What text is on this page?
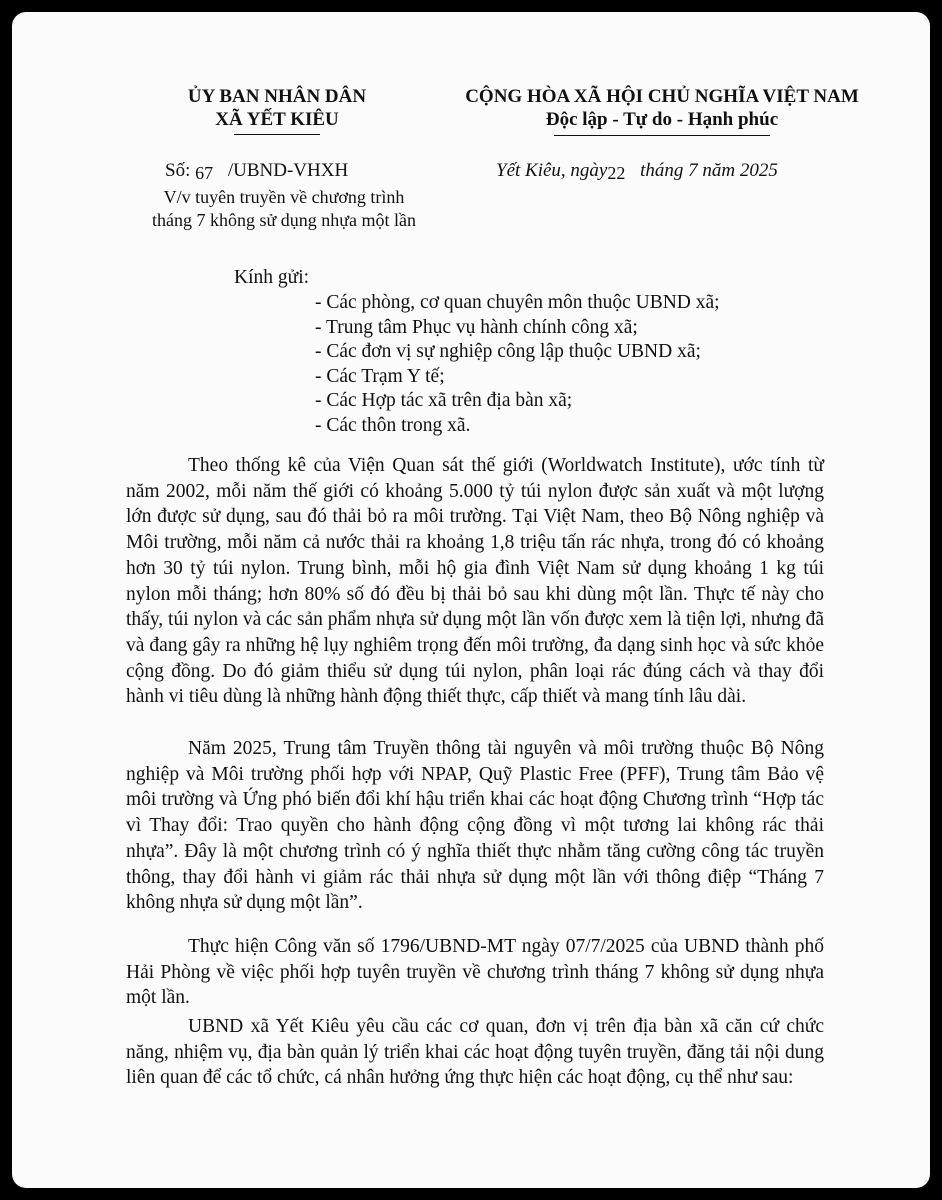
ỦY BAN NHÂN DÂN
XÃ YẾT KIÊU
CỘNG HÒA XÃ HỘI CHỦ NGHĨA VIỆT NAM
Độc lập - Tự do - Hạnh phúc
Số: 67 /UBND-VHXH
V/v tuyên truyền về chương trình
tháng 7 không sử dụng nhựa một lần
Yết Kiêu, ngày22 tháng 7 năm 2025
Kính gửi:
- Các phòng, cơ quan chuyên môn thuộc UBND xã;
- Trung tâm Phục vụ hành chính công xã;
- Các đơn vị sự nghiệp công lập thuộc UBND xã;
- Các Trạm Y tế;
- Các Hợp tác xã trên địa bàn xã;
- Các thôn trong xã.
Theo thống kê của Viện Quan sát thế giới (Worldwatch Institute), ước tính từ năm 2002, mỗi năm thế giới có khoảng 5.000 tỷ túi nylon được sản xuất và một lượng lớn được sử dụng, sau đó thải bỏ ra môi trường. Tại Việt Nam, theo Bộ Nông nghiệp và Môi trường, mỗi năm cả nước thải ra khoảng 1,8 triệu tấn rác nhựa, trong đó có khoảng hơn 30 tỷ túi nylon. Trung bình, mỗi hộ gia đình Việt Nam sử dụng khoảng 1 kg túi nylon mỗi tháng; hơn 80% số đó đều bị thải bỏ sau khi dùng một lần. Thực tế này cho thấy, túi nylon và các sản phẩm nhựa sử dụng một lần vốn được xem là tiện lợi, nhưng đã và đang gây ra những hệ lụy nghiêm trọng đến môi trường, đa dạng sinh học và sức khỏe cộng đồng. Do đó giảm thiểu sử dụng túi nylon, phân loại rác đúng cách và thay đổi hành vi tiêu dùng là những hành động thiết thực, cấp thiết và mang tính lâu dài.
Năm 2025, Trung tâm Truyền thông tài nguyên và môi trường thuộc Bộ Nông nghiệp và Môi trường phối hợp với NPAP, Quỹ Plastic Free (PFF), Trung tâm Bảo vệ môi trường và Ứng phó biến đổi khí hậu triển khai các hoạt động Chương trình “Hợp tác vì Thay đổi: Trao quyền cho hành động cộng đồng vì một tương lai không rác thải nhựa”. Đây là một chương trình có ý nghĩa thiết thực nhằm tăng cường công tác truyền thông, thay đổi hành vi giảm rác thải nhựa sử dụng một lần với thông điệp “Tháng 7 không nhựa sử dụng một lần”.
Thực hiện Công văn số 1796/UBND-MT ngày 07/7/2025 của UBND thành phố Hải Phòng về việc phối hợp tuyên truyền về chương trình tháng 7 không sử dụng nhựa một lần.
UBND xã Yết Kiêu yêu cầu các cơ quan, đơn vị trên địa bàn xã căn cứ chức năng, nhiệm vụ, địa bàn quản lý triển khai các hoạt động tuyên truyền, đăng tải nội dung liên quan để các tổ chức, cá nhân hưởng ứng thực hiện các hoạt động, cụ thể như sau:
